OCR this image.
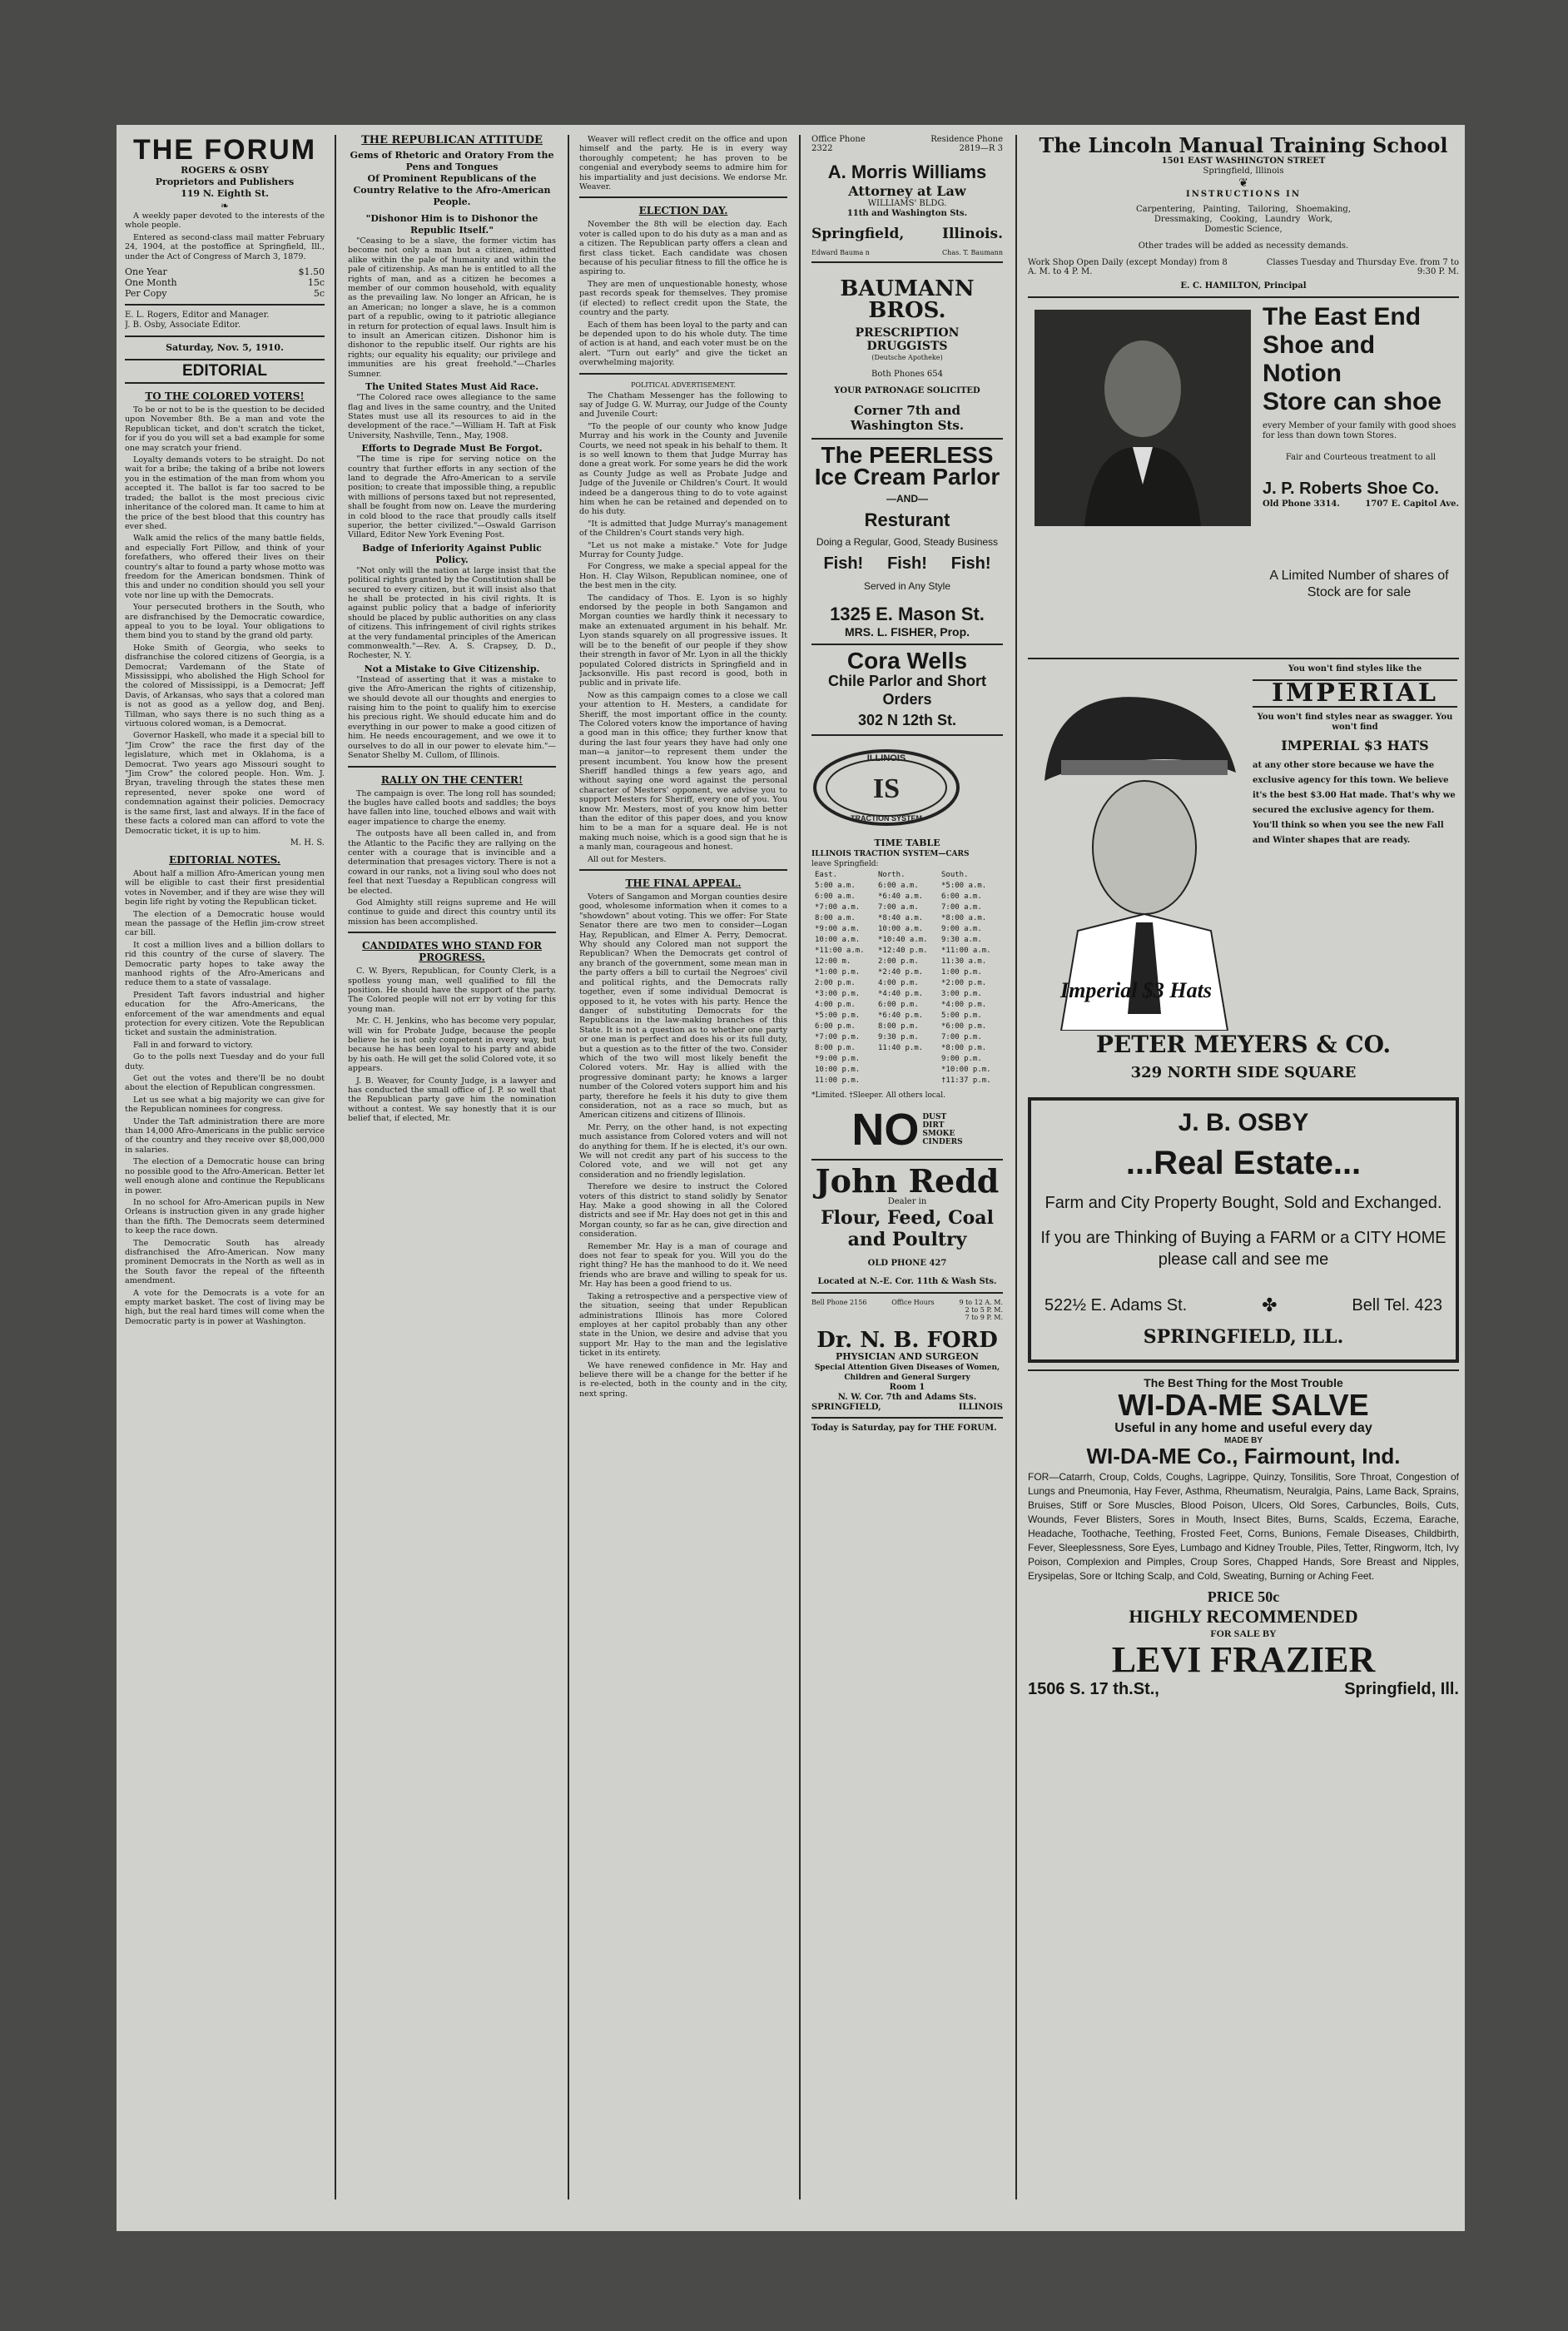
THE FORUM
ROGERS & OSBY
Proprietors and Publishers
119 N. Eighth St.
❧

A weekly paper devoted to the interests of the whole people.

Entered as second-class mail matter February 24, 1904, at the postoffice at Springfield, Ill., under the Act of Congress of March 3, 1879.

One Year	$1.50
One Month	15c
Per Copy	5c
E. L. Rogers, Editor and Manager.
J. B. Osby, Associate Editor.
Saturday, Nov. 5, 1910.
EDITORIAL
TO THE COLORED VOTERS!

To be or not to be is the question to be decided upon November 8th. Be a man and vote the Republican ticket, and don't scratch the ticket, for if you do you will set a bad example for some one may scratch your friend.

Loyalty demands voters to be straight. Do not wait for a bribe; the taking of a bribe not lowers you in the estimation of the man from whom you accepted it. The ballot is far too sacred to be traded; the ballot is the most precious civic inheritance of the colored man. It came to him at the price of the best blood that this country has ever shed.

Walk amid the relics of the many battle fields, and especially Fort Pillow, and think of your forefathers, who offered their lives on their country's altar to found a party whose motto was freedom for the American bondsmen. Think of this and under no condition should you sell your vote nor line up with the Democrats.

Your persecuted brothers in the South, who are disfranchised by the Democratic cowardice, appeal to you to be loyal. Your obligations to them bind you to stand by the grand old party.

Hoke Smith of Georgia, who seeks to disfranchise the colored citizens of Georgia, is a Democrat; Vardemann of the State of Mississippi, who abolished the High School for the colored of Mississippi, is a Democrat; Jeff Davis, of Arkansas, who says that a colored man is not as good as a yellow dog, and Benj. Tillman, who says there is no such thing as a virtuous colored woman, is a Democrat.

Governor Haskell, who made it a special bill to "Jim Crow" the race the first day of the legislature, which met in Oklahoma, is a Democrat. Two years ago Missouri sought to "Jim Crow" the colored people. Hon. Wm. J. Bryan, traveling through the states these men represented, never spoke one word of condemnation against their policies. Democracy is the same first, last and always. If in the face of these facts a colored man can afford to vote the Democratic ticket, it is up to him.

M. H. S.
EDITORIAL NOTES.

About half a million Afro-American young men will be eligible to cast their first presidential votes in November, and if they are wise they will begin life right by voting the Republican ticket.

The election of a Democratic house would mean the passage of the Heflin jim-crow street car bill.

It cost a million lives and a billion dollars to rid this country of the curse of slavery. The Democratic party hopes to take away the manhood rights of the Afro-Americans and reduce them to a state of vassalage.

President Taft favors industrial and higher education for the Afro-Americans, the enforcement of the war amendments and equal protection for every citizen. Vote the Republican ticket and sustain the administration.

Fall in and forward to victory.

Go to the polls next Tuesday and do your full duty.

Get out the votes and there'll be no doubt about the election of Republican congressmen.

Let us see what a big majority we can give for the Republican nominees for congress.

Under the Taft administration there are more than 14,000 Afro-Americans in the public service of the country and they receive over $8,000,000 in salaries.

The election of a Democratic house can bring no possible good to the Afro-American. Better let well enough alone and continue the Republicans in power.

In no school for Afro-American pupils in New Orleans is instruction given in any grade higher than the fifth. The Democrats seem determined to keep the race down.

The Democratic South has already disfranchised the Afro-American. Now many prominent Democrats in the North as well as in the South favor the repeal of the fifteenth amendment.

A vote for the Democrats is a vote for an empty market basket. The cost of living may be high, but the real hard times will come when the Democratic party is in power at Washington.

THE REPUBLICAN ATTITUDE
Gems of Rhetoric and Oratory From the Pens and Tongues
Of Prominent Republicans of the Country Relative to the Afro-American People.
"Dishonor Him is to Dishonor the Republic Itself."

"Ceasing to be a slave, the former victim has become not only a man but a citizen, admitted alike within the pale of humanity and within the pale of citizenship. As man he is entitled to all the rights of man, and as a citizen he becomes a member of our common household, with equality as the prevailing law. No longer an African, he is an American; no longer a slave, he is a common part of a republic, owing to it patriotic allegiance in return for protection of equal laws. Insult him is to insult an American citizen. Dishonor him is dishonor to the republic itself. Our rights are his rights; our equality his equality; our privilege and immunities are his great freehold."—Charles Sumner.

The United States Must Aid Race.

"The Colored race owes allegiance to the same flag and lives in the same country, and the United States must use all its resources to aid in the development of the race."—William H. Taft at Fisk University, Nashville, Tenn., May, 1908.

Efforts to Degrade Must Be Forgot.

"The time is ripe for serving notice on the country that further efforts in any section of the land to degrade the Afro-American to a servile position; to create that impossible thing, a republic with millions of persons taxed but not represented, shall be fought from now on. Leave the murdering in cold blood to the race that proudly calls itself superior, the better civilized."—Oswald Garrison Villard, Editor New York Evening Post.

Badge of Inferiority Against Public Policy.

"Not only will the nation at large insist that the political rights granted by the Constitution shall be secured to every citizen, but it will insist also that he shall be protected in his civil rights. It is against public policy that a badge of inferiority should be placed by public authorities on any class of citizens. This infringement of civil rights strikes at the very fundamental principles of the American commonwealth."—Rev. A. S. Crapsey, D. D., Rochester, N. Y.

Not a Mistake to Give Citizenship.

"Instead of asserting that it was a mistake to give the Afro-American the rights of citizenship, we should devote all our thoughts and energies to raising him to the point to qualify him to exercise his precious right. We should educate him and do everything in our power to make a good citizen of him. He needs encouragement, and we owe it to ourselves to do all in our power to elevate him."—Senator Shelby M. Cullom, of Illinois.

RALLY ON THE CENTER!

The campaign is over. The long roll has sounded; the bugles have called boots and saddles; the boys have fallen into line, touched elbows and wait with eager impatience to charge the enemy.

The outposts have all been called in, and from the Atlantic to the Pacific they are rallying on the center with a courage that is invincible and a determination that presages victory. There is not a coward in our ranks, not a living soul who does not feel that next Tuesday a Republican congress will be elected.

God Almighty still reigns supreme and He will continue to guide and direct this country until its mission has been accomplished.

CANDIDATES WHO STAND FOR PROGRESS.

C. W. Byers, Republican, for County Clerk, is a spotless young man, well qualified to fill the position. He should have the support of the party. The Colored people will not err by voting for this young man.

Mr. C. H. Jenkins, who has become very popular, will win for Probate Judge, because the people believe he is not only competent in every way, but because he has been loyal to his party and abide by his oath. He will get the solid Colored vote, it so appears.

J. B. Weaver, for County Judge, is a lawyer and has conducted the small office of J. P. so well that the Republican party gave him the nomination without a contest. We say honestly that it is our belief that, if elected, Mr.

Weaver will reflect credit on the office and upon himself and the party. He is in every way thoroughly competent; he has proven to be congenial and everybody seems to admire him for his impartiality and just decisions. We endorse Mr. Weaver.

ELECTION DAY.

November the 8th will be election day. Each voter is called upon to do his duty as a man and as a citizen. The Republican party offers a clean and first class ticket. Each candidate was chosen because of his peculiar fitness to fill the office he is aspiring to.

They are men of unquestionable honesty, whose past records speak for themselves. They promise (if elected) to reflect credit upon the State, the country and the party.

Each of them has been loyal to the party and can be depended upon to do his whole duty. The time of action is at hand, and each voter must be on the alert. "Turn out early" and give the ticket an overwhelming majority.

POLITICAL ADVERTISEMENT.

The Chatham Messenger has the following to say of Judge G. W. Murray, our Judge of the County and Juvenile Court:

"To the people of our county who know Judge Murray and his work in the County and Juvenile Courts, we need not speak in his behalf to them. It is so well known to them that Judge Murray has done a great work. For some years he did the work as County Judge as well as Probate Judge and Judge of the Juvenile or Children's Court. It would indeed be a dangerous thing to do to vote against him when he can be retained and depended on to do his duty.

"It is admitted that Judge Murray's management of the Children's Court stands very high.

"Let us not make a mistake." Vote for Judge Murray for County Judge.

For Congress, we make a special appeal for the Hon. H. Clay Wilson, Republican nominee, one of the best men in the city.

The candidacy of Thos. E. Lyon is so highly endorsed by the people in both Sangamon and Morgan counties we hardly think it necessary to make an extenuated argument in his behalf. Mr. Lyon stands squarely on all progressive issues. It will be to the benefit of our people if they show their strength in favor of Mr. Lyon in all the thickly populated Colored districts in Springfield and in Jacksonville. His past record is good, both in public and in private life.

Now as this campaign comes to a close we call your attention to H. Mesters, a candidate for Sheriff, the most important office in the county. The Colored voters know the importance of having a good man in this office; they further know that during the last four years they have had only one man—a janitor—to represent them under the present incumbent. You know how the present Sheriff handled things a few years ago, and without saying one word against the personal character of Mesters' opponent, we advise you to support Mesters for Sheriff, every one of you. You know Mr. Mesters, most of you know him better than the editor of this paper does, and you know him to be a man for a square deal. He is not making much noise, which is a good sign that he is a manly man, courageous and honest.

All out for Mesters.

THE FINAL APPEAL.

Voters of Sangamon and Morgan counties desire good, wholesome information when it comes to a "showdown" about voting. This we offer: For State Senator there are two men to consider—Logan Hay, Republican, and Elmer A. Perry, Democrat. Why should any Colored man not support the Republican? When the Democrats get control of any branch of the government, some mean man in the party offers a bill to curtail the Negroes' civil and political rights, and the Democrats rally together, even if some individual Democrat is opposed to it, he votes with his party. Hence the danger of substituting Democrats for the Republicans in the law-making branches of this State. It is not a question as to whether one party or one man is perfect and does his or its full duty, but a question as to the fitter of the two. Consider which of the two will most likely benefit the Colored voters. Mr. Hay is allied with the progressive dominant party; he knows a larger number of the Colored voters support him and his party, therefore he feels it his duty to give them consideration, not as a race so much, but as American citizens and citizens of Illinois.

Mr. Perry, on the other hand, is not expecting much assistance from Colored voters and will not do anything for them. If he is elected, it's our own. We will not credit any part of his success to the Colored vote, and we will not get any consideration and no friendly legislation.

Therefore we desire to instruct the Colored voters of this district to stand solidly by Senator Hay. Make a good showing in all the Colored districts and see if Mr. Hay does not get in this and Morgan county, so far as he can, give direction and consideration.

Remember Mr. Hay is a man of courage and does not fear to speak for you. Will you do the right thing? He has the manhood to do it. We need friends who are brave and willing to speak for us. Mr. Hay has been a good friend to us.

Taking a retrospective and a perspective view of the situation, seeing that under Republican administrations Illinois has more Colored employes at her capitol probably than any other state in the Union, we desire and advise that you support Mr. Hay to the man and the legislative ticket in its entirety.

We have renewed confidence in Mr. Hay and believe there will be a change for the better if he is re-elected, both in the county and in the city, next spring.

Office Phone	Residence Phone
2322	2819—R 3
A. Morris Williams
Attorney at Law
WILLIAMS' BLDG.
11th and Washington Sts.
Springfield,	Illinois.
Edward Bauma n	Chas. T. Baumann
BAUMANN BROS.
PRESCRIPTION
DRUGGISTS
(Deutsche Apotheke)
Both Phones 654
YOUR PATRONAGE SOLICITED
Corner 7th and Washington Sts.
The PEERLESS
Ice Cream Parlor
—AND—
Resturant
Doing a Regular, Good, Steady Business
Fish! Fish! Fish!
Served in Any Style
1325 E. Mason St.
MRS. L. FISHER, Prop.
Cora Wells
Chile Parlor and Short Orders
302 N 12th St.
ILLINOIS
IS
TRACTION SYSTEM
TIME TABLE
ILLINOIS TRACTION SYSTEM—CARS
leave Springfield:
East.	North.	South.
5:00 a.m.	6:00 a.m.	*5:00 a.m.
6:00 a.m.	*6:40 a.m.	6:00 a.m.
*7:00 a.m.	7:00 a.m.	7:00 a.m.
8:00 a.m.	*8:40 a.m.	*8:00 a.m.
*9:00 a.m.	10:00 a.m.	9:00 a.m.
10:00 a.m.	*10:40 a.m.	9:30 a.m.
*11:00 a.m.	*12:40 p.m.	*11:00 a.m.
12:00 m.	2:00 p.m.	11:30 a.m.
*1:00 p.m.	*2:40 p.m.	1:00 p.m.
2:00 p.m.	4:00 p.m.	*2:00 p.m.
*3:00 p.m.	*4:40 p.m.	3:00 p.m.
4:00 p.m.	6:00 p.m.	*4:00 p.m.
*5:00 p.m.	*6:40 p.m.	5:00 p.m.
6:00 p.m.	8:00 p.m.	*6:00 p.m.
*7:00 p.m.	9:30 p.m.	7:00 p.m.
8:00 p.m.	11:40 p.m.	*8:00 p.m.
*9:00 p.m.		9:00 p.m.
10:00 p.m.		*10:00 p.m.
11:00 p.m.		†11:37 p.m.
*Limited. †Sleeper. All others local.
NO DUST
DIRT
SMOKE
CINDERS
John Redd
Dealer in
Flour, Feed, Coal and Poultry
OLD PHONE 427
Located at N.-E. Cor. 11th & Wash Sts.
Bell Phone 2156	Office Hours	9 to 12 A. M.
2 to 5 P. M.
7 to 9 P. M.
Dr. N. B. FORD
PHYSICIAN AND SURGEON
Special Attention Given Diseases of Women, Children and General Surgery
Room 1
N. W. Cor. 7th and Adams Sts.
SPRINGFIELD,	ILLINOIS
Today is Saturday, pay for THE FORUM.
The Lincoln Manual Training School
1501 EAST WASHINGTON STREET
Springfield, Illinois
❦
INSTRUCTIONS IN
Carpentering, Painting, Tailoring, Shoemaking,
Dressmaking, Cooking, Laundry Work,
Domestic Science,
Other trades will be added as necessity demands.
Work Shop Open Daily (except Monday) from 8 A. M. to 4 P. M.
Classes Tuesday and Thursday Eve. from 7 to 9:30 P. M.
E. C. HAMILTON, Principal
The East End
Shoe and Notion
Store can shoe
every Member of your family with good shoes for less than down town Stores.
Fair and Courteous treatment to all
J. P. Roberts Shoe Co.
Old Phone 3314.	1707 E. Capitol Ave.
A Limited Number of shares of Stock are for sale
Imperial $3 Hats
You won't find styles like the
IMPERIAL
You won't find styles near as swagger. You won't find
IMPERIAL $3 HATS
at any other store because we have the exclusive agency for this town. We believe it's the best $3.00 Hat made. That's why we secured the exclusive agency for them. You'll think so when you see the new Fall and Winter shapes that are ready.
PETER MEYERS & CO.
329 NORTH SIDE SQUARE
J. B. OSBY
...Real Estate...
Farm and City Property Bought, Sold and Exchanged.
If you are Thinking of Buying a FARM or a CITY HOME please call and see me
522½ E. Adams St.	✤	Bell Tel. 423
SPRINGFIELD, ILL.
The Best Thing for the Most Trouble
WI-DA-ME SALVE
Useful in any home and useful every day
MADE BY
WI-DA-ME Co., Fairmount, Ind.
FOR—Catarrh, Croup, Colds, Coughs, Lagrippe, Quinzy, Tonsilitis, Sore Throat, Congestion of Lungs and Pneumonia, Hay Fever, Asthma, Rheumatism, Neuralgia, Pains, Lame Back, Sprains, Bruises, Stiff or Sore Muscles, Blood Poison, Ulcers, Old Sores, Carbuncles, Boils, Cuts, Wounds, Fever Blisters, Sores in Mouth, Insect Bites, Burns, Scalds, Eczema, Earache, Headache, Toothache, Teething, Frosted Feet, Corns, Bunions, Female Diseases, Childbirth, Fever, Sleeplessness, Sore Eyes, Lumbago and Kidney Trouble, Piles, Tetter, Ringworm, Itch, Ivy Poison, Complexion and Pimples, Croup Sores, Chapped Hands, Sore Breast and Nipples, Erysipelas, Sore or Itching Scalp, and Cold, Sweating, Burning or Aching Feet.
PRICE 50c
HIGHLY RECOMMENDED
FOR SALE BY
LEVI FRAZIER
1506 S. 17 th.St.,	Springfield, Ill.
